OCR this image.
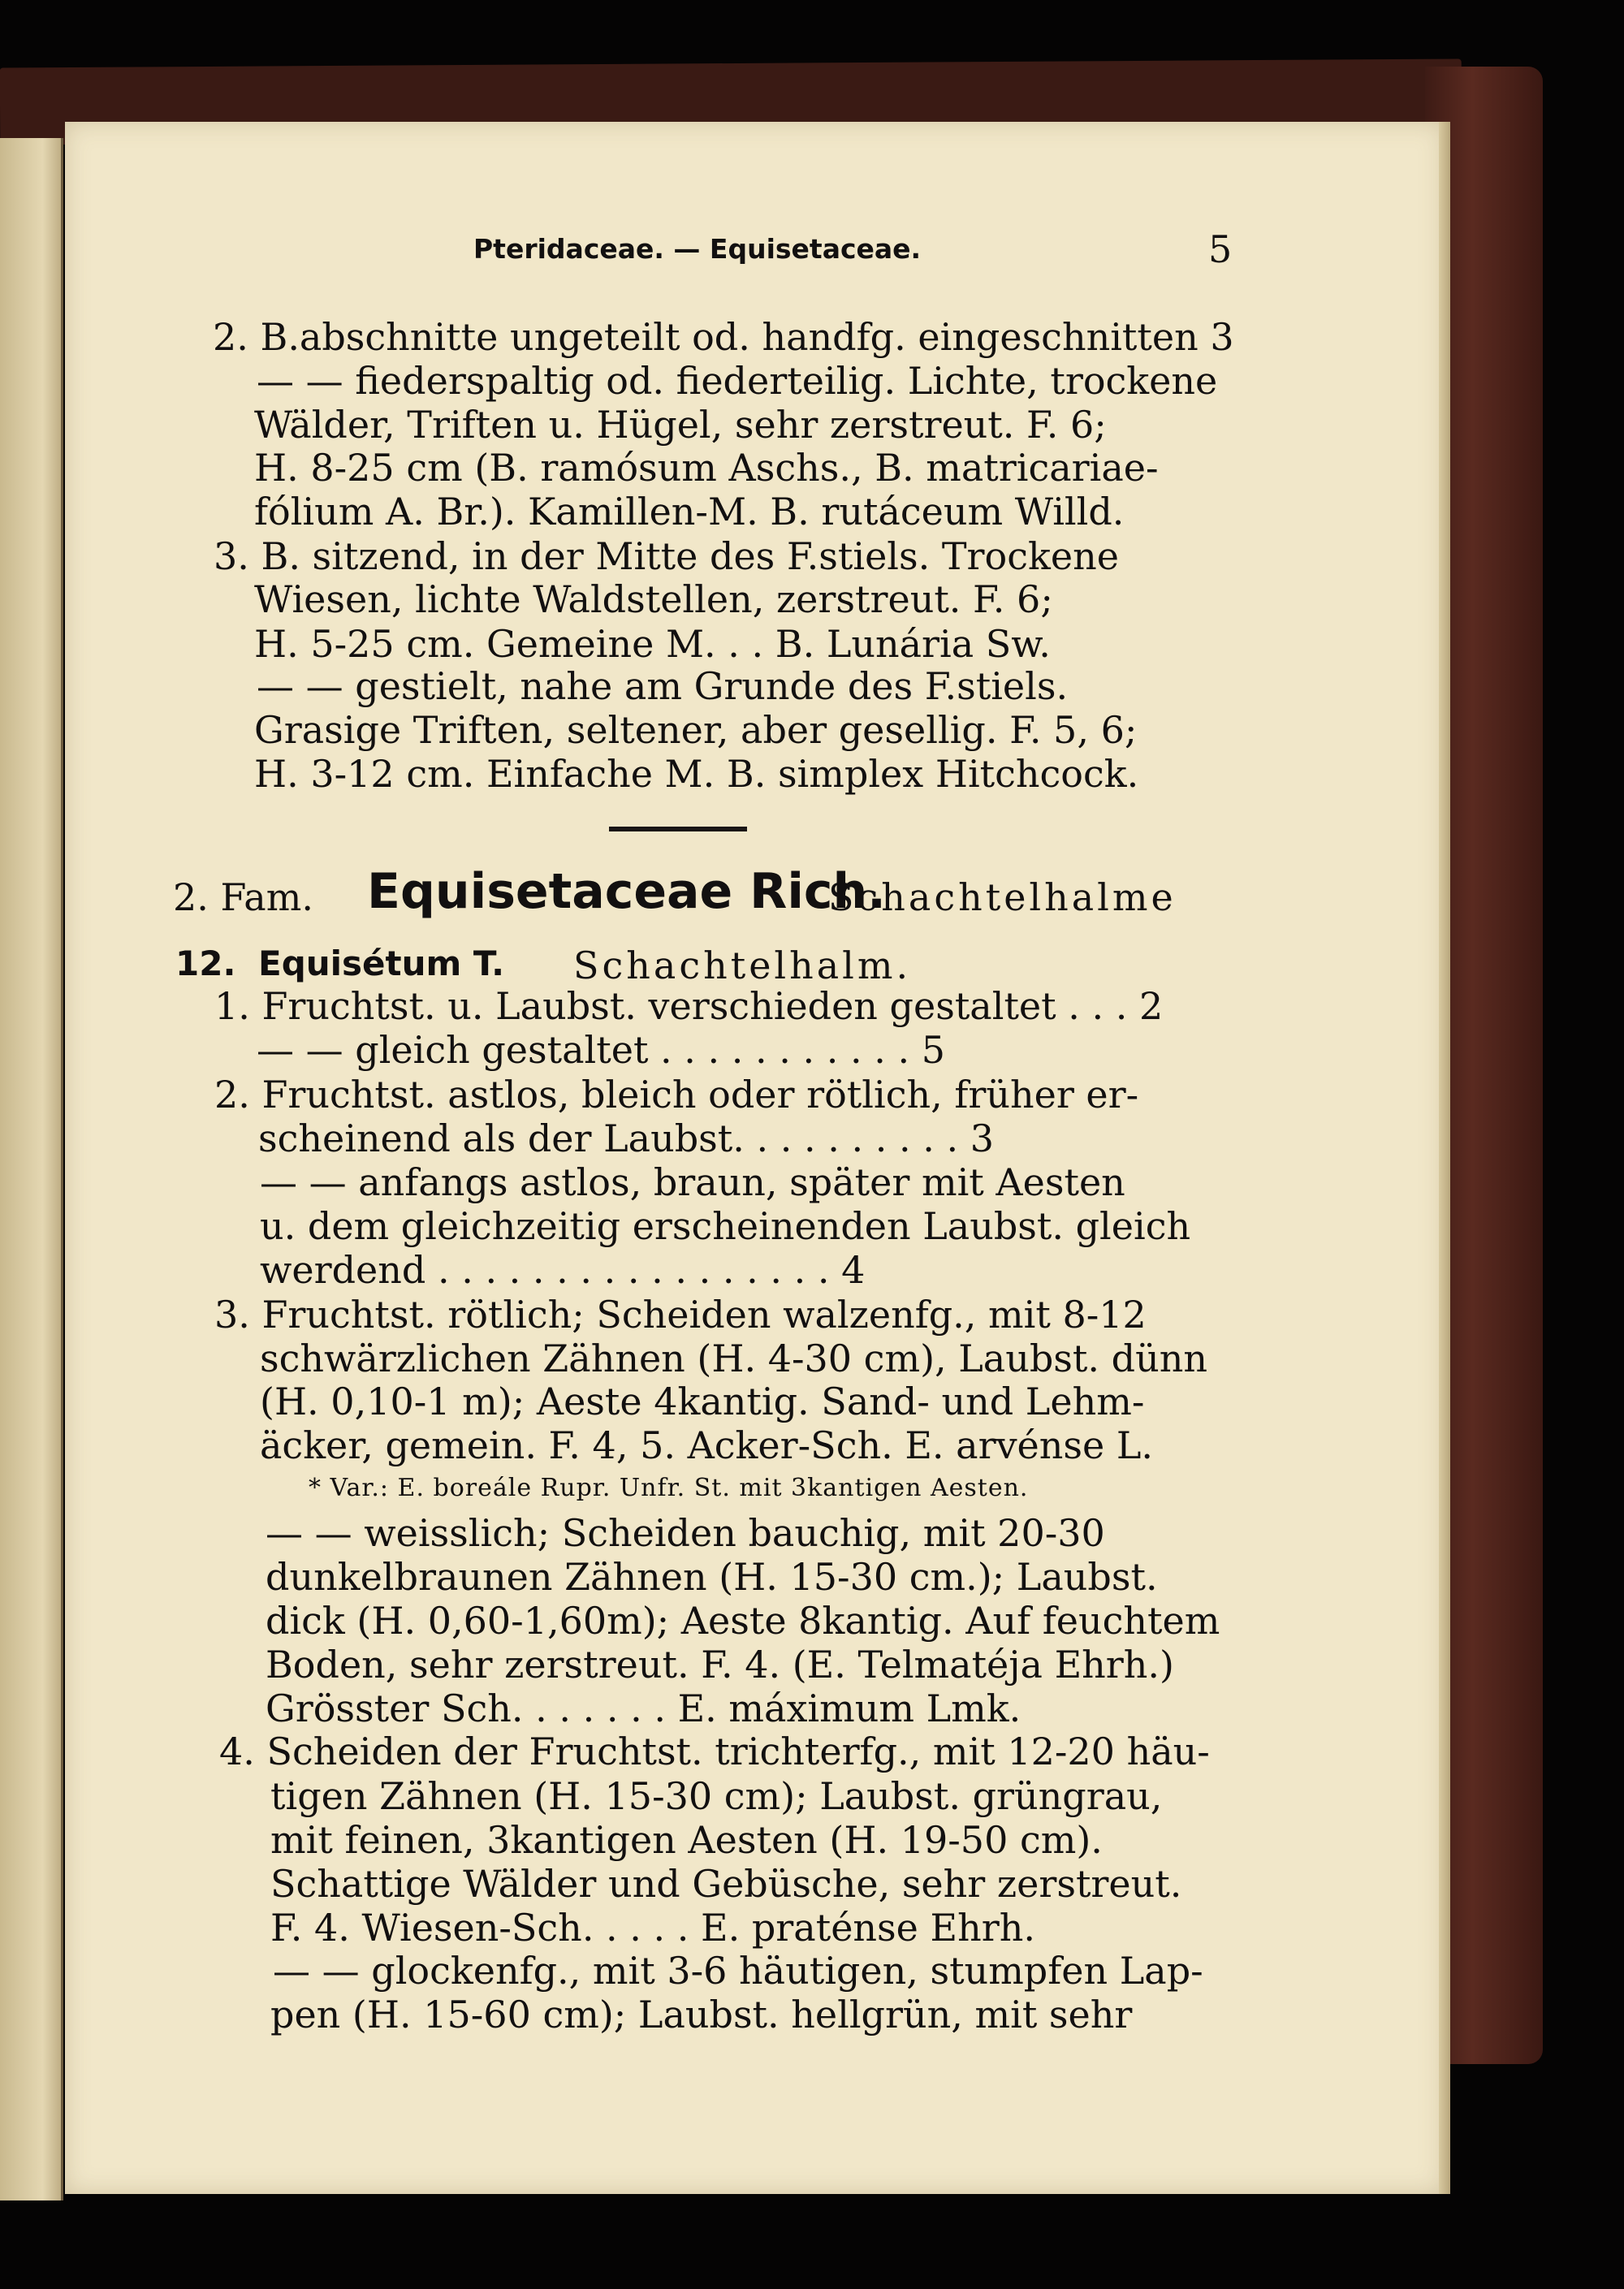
Pteridaceae. — Equisetaceae.	5
2. B.abschnitte ungeteilt od. handfg. eingeschnitten 3
— — fiederspaltig od. fiederteilig. Lichte, trockene
Wälder, Triften u. Hügel, sehr zerstreut. F. 6;
H. 8-25 cm (B. ramósum Aschs., B. matricariae-
fólium A. Br.). Kamillen-M. B. rutáceum Willd.
3. B. sitzend, in der Mitte des F.stiels. Trockene
Wiesen, lichte Waldstellen, zerstreut. F. 6;
H. 5-25 cm. Gemeine M. . . B. Lunária Sw.
— — gestielt, nahe am Grunde des F.stiels.
Grasige Triften, seltener, aber gesellig. F. 5, 6;
H. 3-12 cm. Einfache M. B. simplex Hitchcock.
2. Fam. Equisetaceae Rich.
Schachtelhalme
12. Equisétum T. Schachtelhalm.
1. Fruchtst. u. Laubst. verschieden gestaltet . . . 2
— — gleich gestaltet . . . . . . . . . . . 5
2. Fruchtst. astlos, bleich oder rötlich, früher er-
scheinend als der Laubst. . . . . . . . . . 3
— — anfangs astlos, braun, später mit Aesten
u. dem gleichzeitig erscheinenden Laubst. gleich
werdend . . . . . . . . . . . . . . . . . 4
3. Fruchtst. rötlich; Scheiden walzenfg., mit 8-12
schwärzlichen Zähnen (H. 4-30 cm), Laubst. dünn
(H. 0,10-1 m); Aeste 4kantig. Sand- und Lehm-
äcker, gemein. F. 4, 5. Acker-Sch. E. arvénse L.
* Var.: E. boreále Rupr. Unfr. St. mit 3kantigen Aesten.
— — weisslich; Scheiden bauchig, mit 20-30
dunkelbraunen Zähnen (H. 15-30 cm.); Laubst.
dick (H. 0,60-1,60m); Aeste 8kantig. Auf feuchtem
Boden, sehr zerstreut. F. 4. (E. Telmatéja Ehrh.)
Grösster Sch. . . . . . . E. máximum Lmk.
4. Scheiden der Fruchtst. trichterfg., mit 12-20 häu-
tigen Zähnen (H. 15-30 cm); Laubst. grüngrau,
mit feinen, 3kantigen Aesten (H. 19-50 cm).
Schattige Wälder und Gebüsche, sehr zerstreut.
F. 4. Wiesen-Sch. . . . . E. praténse Ehrh.
— — glockenfg., mit 3-6 häutigen, stumpfen Lap-
pen (H. 15-60 cm); Laubst. hellgrün, mit sehr
